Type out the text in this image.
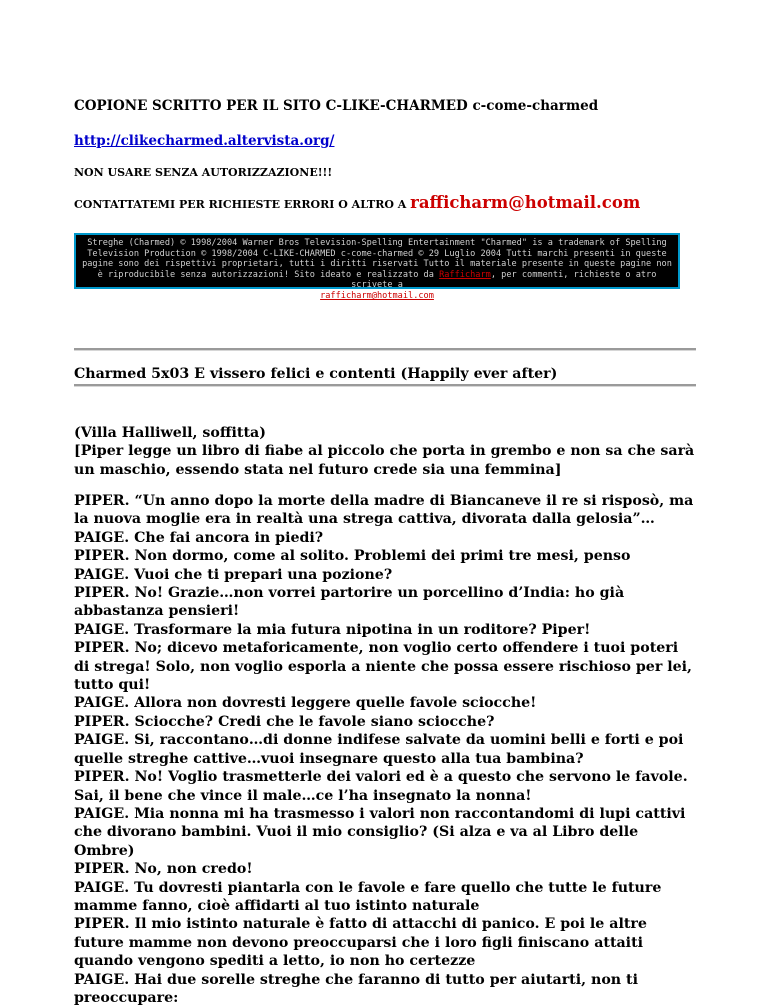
COPIONE SCRITTO PER IL SITO C-LIKE-CHARMED c-come-charmed
http://clikecharmed.altervista.org/
NON USARE SENZA AUTORIZZAZIONE!!!
CONTATTATEMI PER RICHIESTE ERRORI O ALTRO A rafficharm@hotmail.com
Streghe (Charmed) © 1998/2004 Warner Bros Television-Spelling Entertainment "Charmed" is a trademark of Spelling Television Production © 1998/2004 C-LIKE-CHARMED c-come-charmed © 29 Luglio 2004 Tutti marchi presenti in queste pagine sono dei rispettivi proprietari, tutti i diritti riservati Tutto il materiale presente in queste pagine non è riproducibile senza autorizzazioni! Sito ideato e realizzato da Rafficharm, per commenti, richieste o atro scrivete a
rafficharm@hotmail.com
Charmed 5x03 E vissero felici e contenti (Happily ever after)

(Villa Halliwell, soffitta)

[Piper legge un libro di fiabe al piccolo che porta in grembo e non sa che sarà un maschio, essendo stata nel futuro crede sia una femmina]

PIPER. “Un anno dopo la morte della madre di Biancaneve il re si risposò, ma la nuova moglie era in realtà una strega cattiva, divorata dalla gelosia”…

PAIGE. Che fai ancora in piedi?

PIPER. Non dormo, come al solito. Problemi dei primi tre mesi, penso

PAIGE. Vuoi che ti prepari una pozione?

PIPER. No! Grazie…non vorrei partorire un porcellino d’India: ho già abbastanza pensieri!

PAIGE. Trasformare la mia futura nipotina in un roditore? Piper!

PIPER. No; dicevo metaforicamente, non voglio certo offendere i tuoi poteri di strega! Solo, non voglio esporla a niente che possa essere rischioso per lei, tutto qui!

PAIGE. Allora non dovresti leggere quelle favole sciocche!

PIPER. Sciocche? Credi che le favole siano sciocche?

PAIGE. Si, raccontano…di donne indifese salvate da uomini belli e forti e poi quelle streghe cattive…vuoi insegnare questo alla tua bambina?

PIPER. No! Voglio trasmetterle dei valori ed è a questo che servono le favole. Sai, il bene che vince il male…ce l’ha insegnato la nonna!

PAIGE. Mia nonna mi ha trasmesso i valori non raccontandomi di lupi cattivi che divorano bambini. Vuoi il mio consiglio? (Si alza e va al Libro delle Ombre)

PIPER. No, non credo!

PAIGE. Tu dovresti piantarla con le favole e fare quello che tutte le future mamme fanno, cioè affidarti al tuo istinto naturale

PIPER. Il mio istinto naturale è fatto di attacchi di panico. E poi le altre future mamme non devono preoccuparsi che i loro figli finiscano attaiti quando vengono spediti a letto, io non ho certezze

PAIGE. Hai due sorelle streghe che faranno di tutto per aiutarti, non ti preoccupare:
